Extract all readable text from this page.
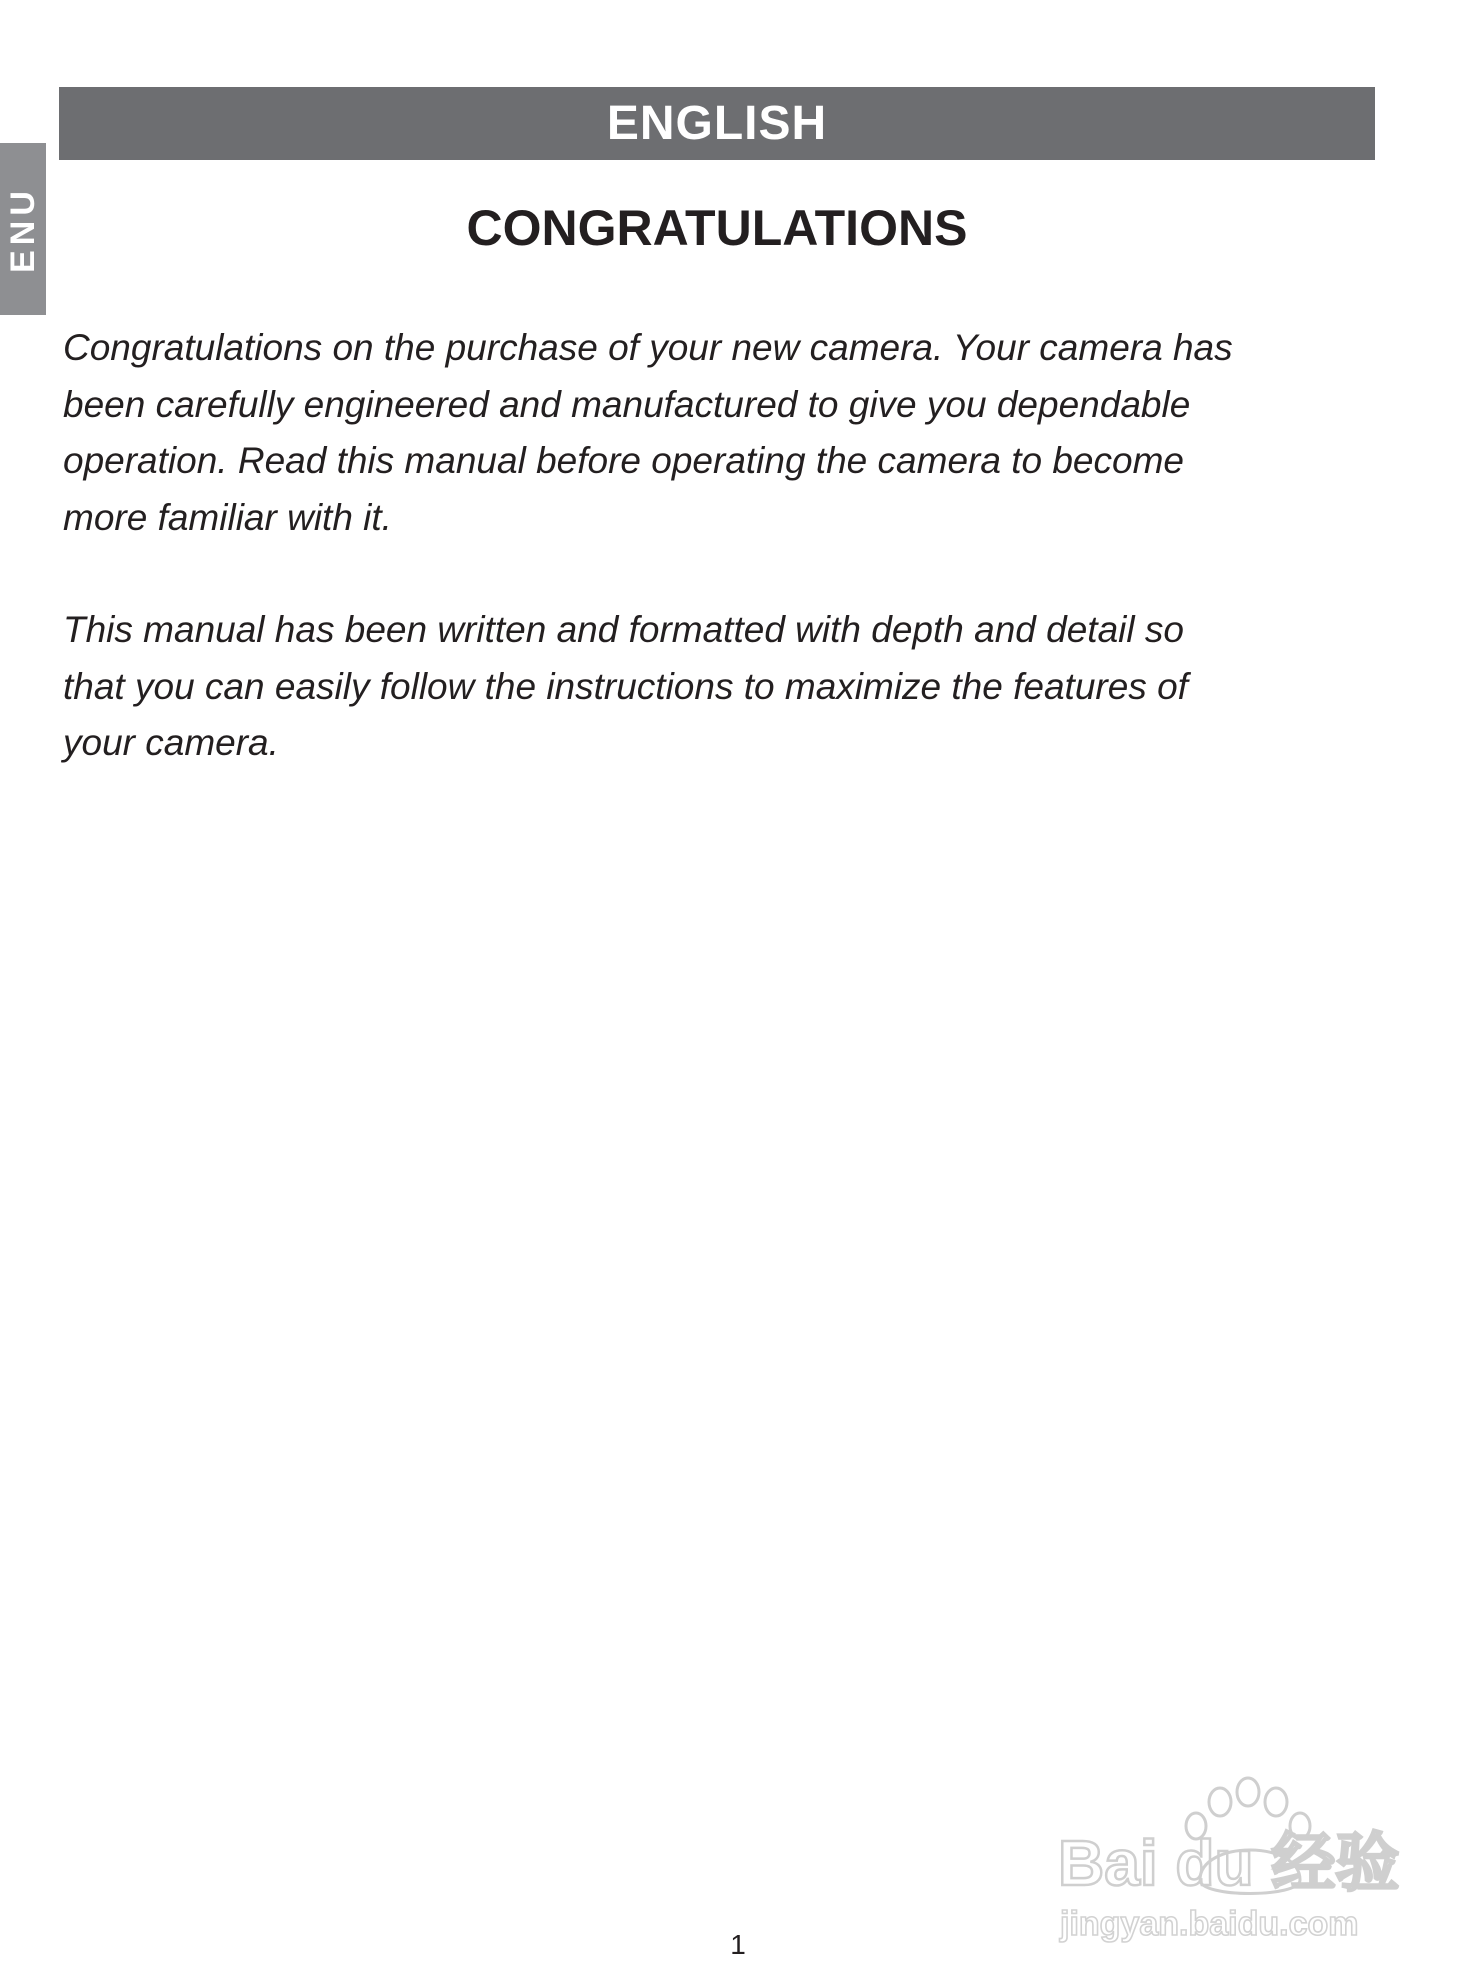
ENU
ENGLISH
CONGRATULATIONS

Congratulations on the purchase of your new camera. Your camera has
been carefully engineered and manufactured to give you dependable
operation. Read this manual before operating the camera to become
more familiar with it.

This manual has been written and formatted with depth and detail so
that you can easily follow the instructions to maximize the features of
your camera.

Bai du 经验
jingyan.baidu.com
1
